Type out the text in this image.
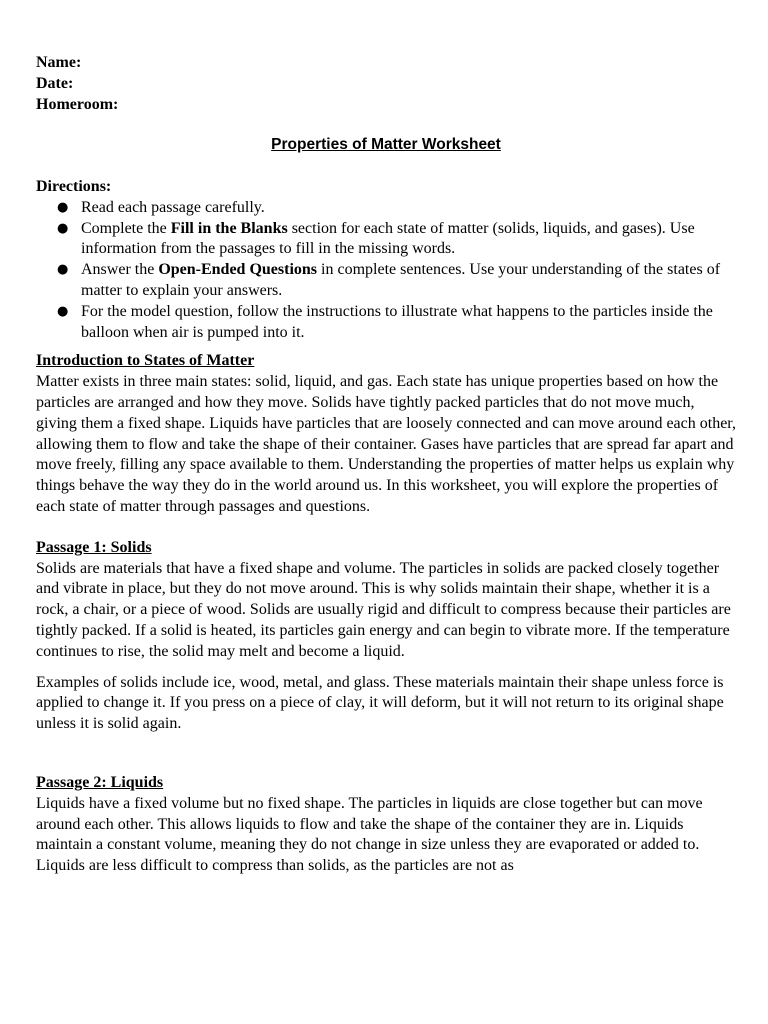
Name:
Date:
Homeroom:
Properties of Matter Worksheet
Directions:
● Read each passage carefully.
● Complete the Fill in the Blanks section for each state of matter (solids, liquids, and gases). Use information from the passages to fill in the missing words.
● Answer the Open-Ended Questions in complete sentences. Use your understanding of the states of matter to explain your answers.
● For the model question, follow the instructions to illustrate what happens to the particles inside the balloon when air is pumped into it.
Introduction to States of Matter

Matter exists in three main states: solid, liquid, and gas. Each state has unique properties based on how the particles are arranged and how they move. Solids have tightly packed particles that do not move much, giving them a fixed shape. Liquids have particles that are loosely connected and can move around each other, allowing them to flow and take the shape of their container. Gases have particles that are spread far apart and move freely, filling any space available to them. Understanding the properties of matter helps us explain why things behave the way they do in the world around us. In this worksheet, you will explore the properties of each state of matter through passages and questions.

Passage 1: Solids

Solids are materials that have a fixed shape and volume. The particles in solids are packed closely together and vibrate in place, but they do not move around. This is why solids maintain their shape, whether it is a rock, a chair, or a piece of wood. Solids are usually rigid and difficult to compress because their particles are tightly packed. If a solid is heated, its particles gain energy and can begin to vibrate more. If the temperature continues to rise, the solid may melt and become a liquid.

Examples of solids include ice, wood, metal, and glass. These materials maintain their shape unless force is applied to change it. If you press on a piece of clay, it will deform, but it will not return to its original shape unless it is solid again.

Passage 2: Liquids

Liquids have a fixed volume but no fixed shape. The particles in liquids are close together but can move around each other. This allows liquids to flow and take the shape of the container they are in. Liquids maintain a constant volume, meaning they do not change in size unless they are evaporated or added to. Liquids are less difficult to compress than solids, as the particles are not as
